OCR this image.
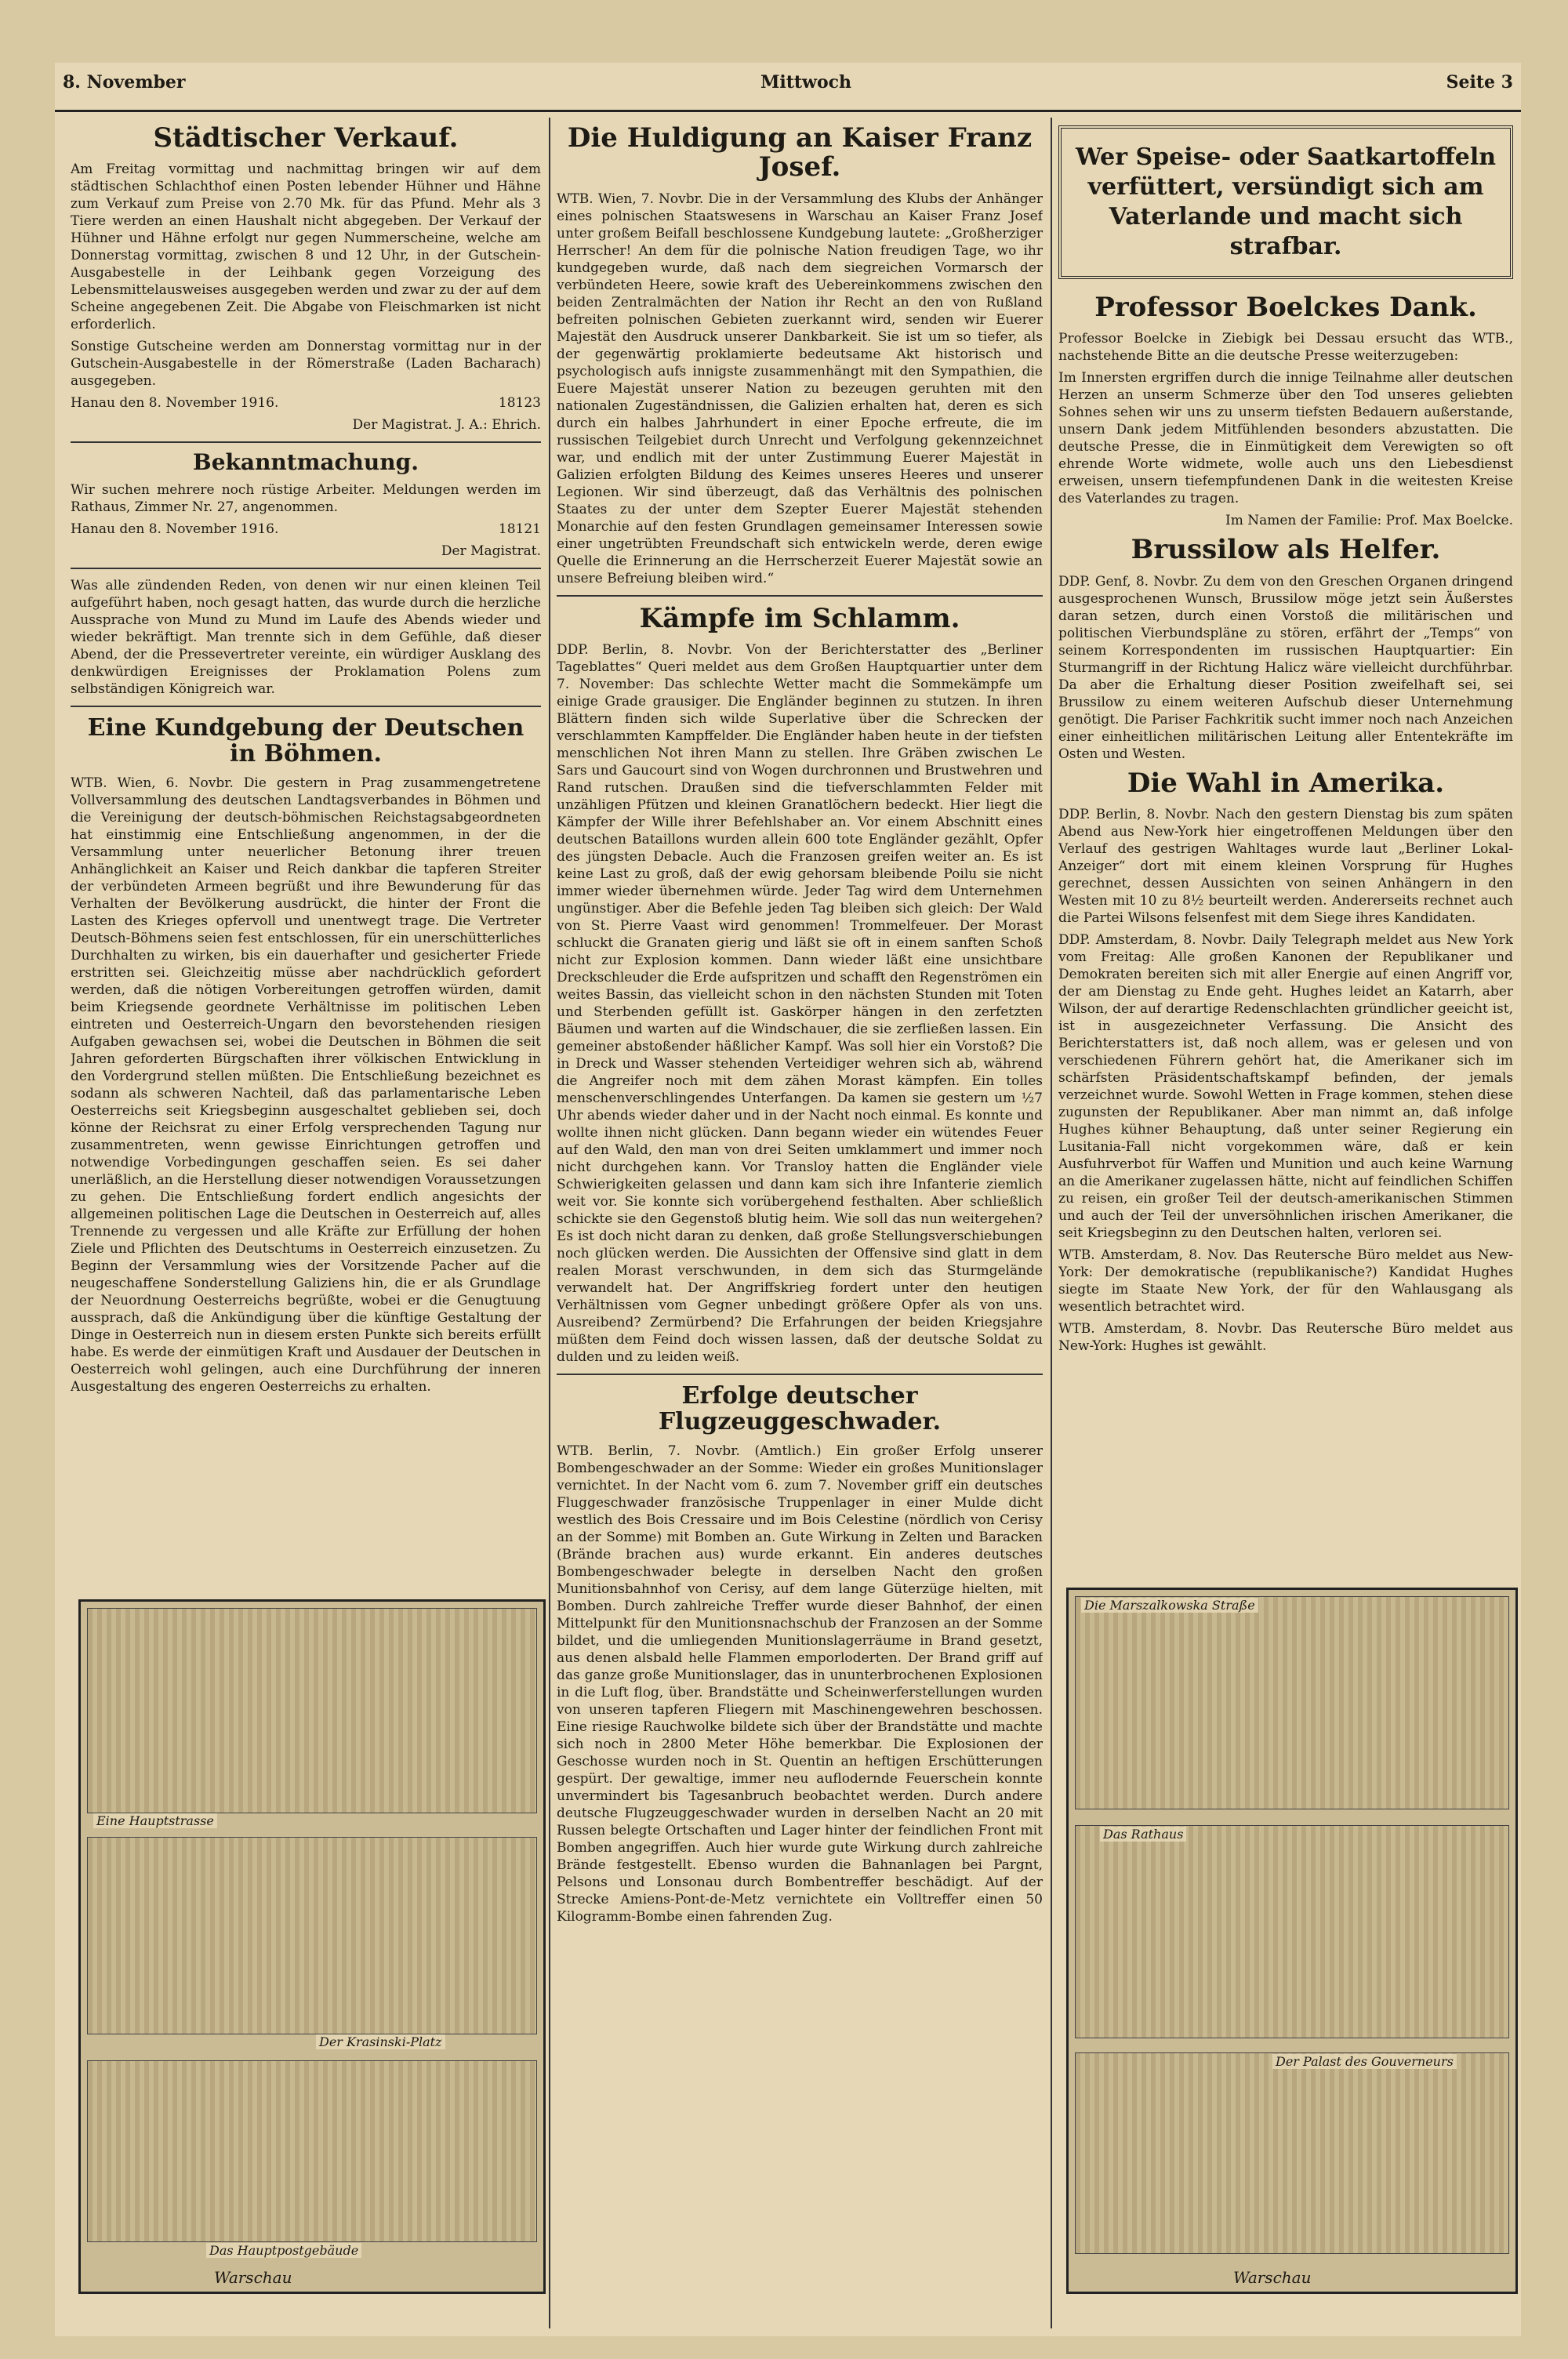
8. November	Mittwoch	Seite 3
Städtischer Verkauf.

Am Freitag vormittag und nachmittag bringen wir auf dem städtischen Schlachthof einen Posten lebender Hühner und Hähne zum Verkauf zum Preise von 2.70 Mk. für das Pfund. Mehr als 3 Tiere werden an einen Haushalt nicht abgegeben. Der Verkauf der Hühner und Hähne erfolgt nur gegen Nummerscheine, welche am Donnerstag vormittag, zwischen 8 und 12 Uhr, in der Gutschein-Ausgabestelle in der Leihbank gegen Vorzeigung des Lebensmittelausweises ausgegeben werden und zwar zu der auf dem Scheine angegebenen Zeit. Die Abgabe von Fleischmarken ist nicht erforderlich.

Sonstige Gutscheine werden am Donnerstag vormittag nur in der Gutschein-Ausgabestelle in der Römerstraße (Laden Bacharach) ausgegeben.

Hanau den 8. November 1916.	18123

Der Magistrat. J. A.: Ehrich.

Bekanntmachung.

Wir suchen mehrere noch rüstige Arbeiter. Meldungen werden im Rathaus, Zimmer Nr. 27, angenommen.

Hanau den 8. November 1916.	18121

Der Magistrat.

Was alle zündenden Reden, von denen wir nur einen kleinen Teil aufgeführt haben, noch gesagt hatten, das wurde durch die herzliche Aussprache von Mund zu Mund im Laufe des Abends wieder und wieder bekräftigt. Man trennte sich in dem Gefühle, daß dieser Abend, der die Pressevertreter vereinte, ein würdiger Ausklang des denkwürdigen Ereignisses der Proklamation Polens zum selbständigen Königreich war.

Eine Kundgebung der Deutschen in Böhmen.

WTB. Wien, 6. Novbr. Die gestern in Prag zusammengetretene Vollversammlung des deutschen Landtagsverbandes in Böhmen und die Vereinigung der deutsch-böhmischen Reichstagsabgeordneten hat einstimmig eine Entschließung angenommen, in der die Versammlung unter neuerlicher Betonung ihrer treuen Anhänglichkeit an Kaiser und Reich dankbar die tapferen Streiter der verbündeten Armeen begrüßt und ihre Bewunderung für das Verhalten der Bevölkerung ausdrückt, die hinter der Front die Lasten des Krieges opfervoll und unentwegt trage. Die Vertreter Deutsch-Böhmens seien fest entschlossen, für ein unerschütterliches Durchhalten zu wirken, bis ein dauerhafter und gesicherter Friede erstritten sei. Gleichzeitig müsse aber nachdrücklich gefordert werden, daß die nötigen Vorbereitungen getroffen würden, damit beim Kriegsende geordnete Verhältnisse im politischen Leben eintreten und Oesterreich-Ungarn den bevorstehenden riesigen Aufgaben gewachsen sei, wobei die Deutschen in Böhmen die seit Jahren geforderten Bürgschaften ihrer völkischen Entwicklung in den Vordergrund stellen müßten. Die Entschließung bezeichnet es sodann als schweren Nachteil, daß das parlamentarische Leben Oesterreichs seit Kriegsbeginn ausgeschaltet geblieben sei, doch könne der Reichsrat zu einer Erfolg versprechenden Tagung nur zusammentreten, wenn gewisse Einrichtungen getroffen und notwendige Vorbedingungen geschaffen seien. Es sei daher unerläßlich, an die Herstellung dieser notwendigen Voraussetzungen zu gehen. Die Entschließung fordert endlich angesichts der allgemeinen politischen Lage die Deutschen in Oesterreich auf, alles Trennende zu vergessen und alle Kräfte zur Erfüllung der hohen Ziele und Pflichten des Deutschtums in Oesterreich einzusetzen. Zu Beginn der Versammlung wies der Vorsitzende Pacher auf die neugeschaffene Sonderstellung Galiziens hin, die er als Grundlage der Neuordnung Oesterreichs begrüßte, wobei er die Genugtuung aussprach, daß die Ankündigung über die künftige Gestaltung der Dinge in Oesterreich nun in diesem ersten Punkte sich bereits erfüllt habe. Es werde der einmütigen Kraft und Ausdauer der Deutschen in Oesterreich wohl gelingen, auch eine Durchführung der inneren Ausgestaltung des engeren Oesterreichs zu erhalten.

Eine Hauptstrasse
Der Krasinski-Platz
Das Hauptpostgebäude
Warschau
Die Huldigung an Kaiser Franz Josef.

WTB. Wien, 7. Novbr. Die in der Versammlung des Klubs der Anhänger eines polnischen Staatswesens in Warschau an Kaiser Franz Josef unter großem Beifall beschlossene Kundgebung lautete: „Großherziger Herrscher! An dem für die polnische Nation freudigen Tage, wo ihr kundgegeben wurde, daß nach dem siegreichen Vormarsch der verbündeten Heere, sowie kraft des Uebereinkommens zwischen den beiden Zentralmächten der Nation ihr Recht an den von Rußland befreiten polnischen Gebieten zuerkannt wird, senden wir Euerer Majestät den Ausdruck unserer Dankbarkeit. Sie ist um so tiefer, als der gegenwärtig proklamierte bedeutsame Akt historisch und psychologisch aufs innigste zusammenhängt mit den Sympathien, die Euere Majestät unserer Nation zu bezeugen geruhten mit den nationalen Zugeständnissen, die Galizien erhalten hat, deren es sich durch ein halbes Jahrhundert in einer Epoche erfreute, die im russischen Teilgebiet durch Unrecht und Verfolgung gekennzeichnet war, und endlich mit der unter Zustimmung Euerer Majestät in Galizien erfolgten Bildung des Keimes unseres Heeres und unserer Legionen. Wir sind überzeugt, daß das Verhältnis des polnischen Staates zu der unter dem Szepter Euerer Majestät stehenden Monarchie auf den festen Grundlagen gemeinsamer Interessen sowie einer ungetrübten Freundschaft sich entwickeln werde, deren ewige Quelle die Erinnerung an die Herrscherzeit Euerer Majestät sowie an unsere Befreiung bleiben wird.“

Kämpfe im Schlamm.

DDP. Berlin, 8. Novbr. Von der Berichterstatter des „Berliner Tageblattes“ Queri meldet aus dem Großen Hauptquartier unter dem 7. November: Das schlechte Wetter macht die Sommekämpfe um einige Grade grausiger. Die Engländer beginnen zu stutzen. In ihren Blättern finden sich wilde Superlative über die Schrecken der verschlammten Kampffelder. Die Engländer haben heute in der tiefsten menschlichen Not ihren Mann zu stellen. Ihre Gräben zwischen Le Sars und Gaucourt sind von Wogen durchronnen und Brustwehren und Rand rutschen. Draußen sind die tiefverschlammten Felder mit unzähligen Pfützen und kleinen Granatlöchern bedeckt. Hier liegt die Kämpfer der Wille ihrer Befehlshaber an. Vor einem Abschnitt eines deutschen Bataillons wurden allein 600 tote Engländer gezählt, Opfer des jüngsten Debacle. Auch die Franzosen greifen weiter an. Es ist keine Last zu groß, daß der ewig gehorsam bleibende Poilu sie nicht immer wieder übernehmen würde. Jeder Tag wird dem Unternehmen ungünstiger. Aber die Befehle jeden Tag bleiben sich gleich: Der Wald von St. Pierre Vaast wird genommen! Trommelfeuer. Der Morast schluckt die Granaten gierig und läßt sie oft in einem sanften Schoß nicht zur Explosion kommen. Dann wieder läßt eine unsichtbare Dreckschleuder die Erde aufspritzen und schafft den Regenströmen ein weites Bassin, das vielleicht schon in den nächsten Stunden mit Toten und Sterbenden gefüllt ist. Gaskörper hängen in den zerfetzten Bäumen und warten auf die Windschauer, die sie zerfließen lassen. Ein gemeiner abstoßender häßlicher Kampf. Was soll hier ein Vorstoß? Die in Dreck und Wasser stehenden Verteidiger wehren sich ab, während die Angreifer noch mit dem zähen Morast kämpfen. Ein tolles menschenverschlingendes Unterfangen. Da kamen sie gestern um ½7 Uhr abends wieder daher und in der Nacht noch einmal. Es konnte und wollte ihnen nicht glücken. Dann begann wieder ein wütendes Feuer auf den Wald, den man von drei Seiten umklammert und immer noch nicht durchgehen kann. Vor Transloy hatten die Engländer viele Schwierigkeiten gelassen und dann kam sich ihre Infanterie ziemlich weit vor. Sie konnte sich vorübergehend festhalten. Aber schließlich schickte sie den Gegenstoß blutig heim. Wie soll das nun weitergehen? Es ist doch nicht daran zu denken, daß große Stellungsverschiebungen noch glücken werden. Die Aussichten der Offensive sind glatt in dem realen Morast verschwunden, in dem sich das Sturmgelände verwandelt hat. Der Angriffskrieg fordert unter den heutigen Verhältnissen vom Gegner unbedingt größere Opfer als von uns. Ausreibend? Zermürbend? Die Erfahrungen der beiden Kriegsjahre müßten dem Feind doch wissen lassen, daß der deutsche Soldat zu dulden und zu leiden weiß.

Erfolge deutscher Flugzeuggeschwader.

WTB. Berlin, 7. Novbr. (Amtlich.) Ein großer Erfolg unserer Bombengeschwader an der Somme: Wieder ein großes Munitionslager vernichtet. In der Nacht vom 6. zum 7. November griff ein deutsches Fluggeschwader französische Truppenlager in einer Mulde dicht westlich des Bois Cressaire und im Bois Celestine (nördlich von Cerisy an der Somme) mit Bomben an. Gute Wirkung in Zelten und Baracken (Brände brachen aus) wurde erkannt. Ein anderes deutsches Bombengeschwader belegte in derselben Nacht den großen Munitionsbahnhof von Cerisy, auf dem lange Güterzüge hielten, mit Bomben. Durch zahlreiche Treffer wurde dieser Bahnhof, der einen Mittelpunkt für den Munitionsnachschub der Franzosen an der Somme bildet, und die umliegenden Munitionslagerräume in Brand gesetzt, aus denen alsbald helle Flammen emporloderten. Der Brand griff auf das ganze große Munitionslager, das in ununterbrochenen Explosionen in die Luft flog, über. Brandstätte und Scheinwerferstellungen wurden von unseren tapferen Fliegern mit Maschinengewehren beschossen. Eine riesige Rauchwolke bildete sich über der Brandstätte und machte sich noch in 2800 Meter Höhe bemerkbar. Die Explosionen der Geschosse wurden noch in St. Quentin an heftigen Erschütterungen gespürt. Der gewaltige, immer neu auflodernde Feuerschein konnte unvermindert bis Tagesanbruch beobachtet werden. Durch andere deutsche Flugzeuggeschwader wurden in derselben Nacht an 20 mit Russen belegte Ortschaften und Lager hinter der feindlichen Front mit Bomben angegriffen. Auch hier wurde gute Wirkung durch zahlreiche Brände festgestellt. Ebenso wurden die Bahnanlagen bei Pargnt, Pelsons und Lonsonau durch Bombentreffer beschädigt. Auf der Strecke Amiens-Pont-de-Metz vernichtete ein Volltreffer einen 50 Kilogramm-Bombe einen fahrenden Zug.

Wer Speise- oder Saatkartoffeln verfüttert, versündigt sich am Vaterlande und macht sich strafbar.

Professor Boelckes Dank.

Professor Boelcke in Ziebigk bei Dessau ersucht das WTB., nachstehende Bitte an die deutsche Presse weiterzugeben:

Im Innersten ergriffen durch die innige Teilnahme aller deutschen Herzen an unserm Schmerze über den Tod unseres geliebten Sohnes sehen wir uns zu unserm tiefsten Bedauern außerstande, unsern Dank jedem Mitfühlenden besonders abzustatten. Die deutsche Presse, die in Einmütigkeit dem Verewigten so oft ehrende Worte widmete, wolle auch uns den Liebesdienst erweisen, unsern tiefempfundenen Dank in die weitesten Kreise des Vaterlandes zu tragen.

Im Namen der Familie: Prof. Max Boelcke.

Brussilow als Helfer.

DDP. Genf, 8. Novbr. Zu dem von den Greschen Organen dringend ausgesprochenen Wunsch, Brussilow möge jetzt sein Äußerstes daran setzen, durch einen Vorstoß die militärischen und politischen Vierbundspläne zu stören, erfährt der „Temps“ von seinem Korrespondenten im russischen Hauptquartier: Ein Sturmangriff in der Richtung Halicz wäre vielleicht durchführbar. Da aber die Erhaltung dieser Position zweifelhaft sei, sei Brussilow zu einem weiteren Aufschub dieser Unternehmung genötigt. Die Pariser Fachkritik sucht immer noch nach Anzeichen einer einheitlichen militärischen Leitung aller Ententekräfte im Osten und Westen.

Die Wahl in Amerika.

DDP. Berlin, 8. Novbr. Nach den gestern Dienstag bis zum späten Abend aus New-York hier eingetroffenen Meldungen über den Verlauf des gestrigen Wahltages wurde laut „Berliner Lokal-Anzeiger“ dort mit einem kleinen Vorsprung für Hughes gerechnet, dessen Aussichten von seinen Anhängern in den Westen mit 10 zu 8½ beurteilt werden. Andererseits rechnet auch die Partei Wilsons felsenfest mit dem Siege ihres Kandidaten.

DDP. Amsterdam, 8. Novbr. Daily Telegraph meldet aus New York vom Freitag: Alle großen Kanonen der Republikaner und Demokraten bereiten sich mit aller Energie auf einen Angriff vor, der am Dienstag zu Ende geht. Hughes leidet an Katarrh, aber Wilson, der auf derartige Redenschlachten gründlicher geeicht ist, ist in ausgezeichneter Verfassung. Die Ansicht des Berichterstatters ist, daß noch allem, was er gelesen und von verschiedenen Führern gehört hat, die Amerikaner sich im schärfsten Präsidentschaftskampf befinden, der jemals verzeichnet wurde. Sowohl Wetten in Frage kommen, stehen diese zugunsten der Republikaner. Aber man nimmt an, daß infolge Hughes kühner Behauptung, daß unter seiner Regierung ein Lusitania-Fall nicht vorgekommen wäre, daß er kein Ausfuhrverbot für Waffen und Munition und auch keine Warnung an die Amerikaner zugelassen hätte, nicht auf feindlichen Schiffen zu reisen, ein großer Teil der deutsch-amerikanischen Stimmen und auch der Teil der unversöhnlichen irischen Amerikaner, die seit Kriegsbeginn zu den Deutschen halten, verloren sei.

WTB. Amsterdam, 8. Nov. Das Reutersche Büro meldet aus New-York: Der demokratische (republikanische?) Kandidat Hughes siegte im Staate New York, der für den Wahlausgang als wesentlich betrachtet wird.

WTB. Amsterdam, 8. Novbr. Das Reutersche Büro meldet aus New-York: Hughes ist gewählt.

Die Marszalkowska Straße
Das Rathaus
Der Palast des Gouverneurs
Warschau
